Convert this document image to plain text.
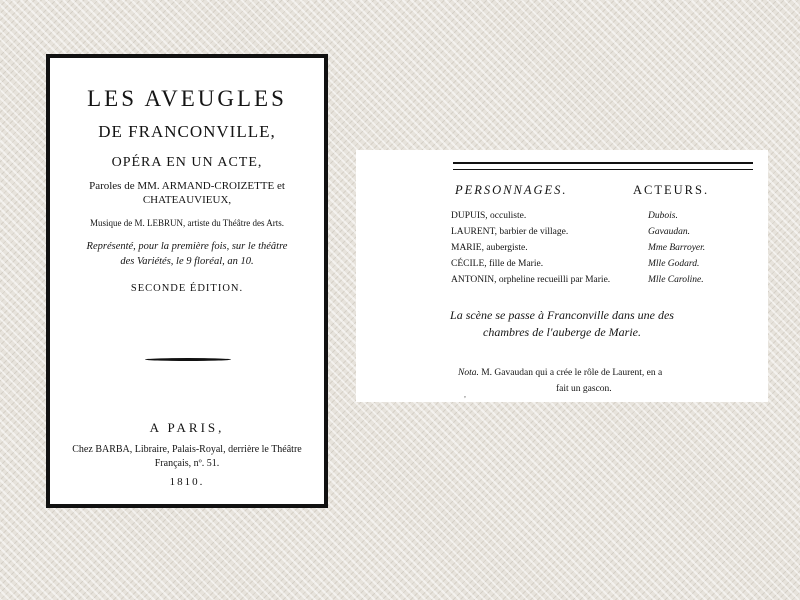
LES AVEUGLES
DE FRANCONVILLE,
OPÉRA EN UN ACTE,
Paroles de MM. ARMAND-CROIZETTE et
CHATEAUVIEUX,
Musique de M. LEBRUN, artiste du Théâtre des Arts.
Représenté, pour la première fois, sur le théâtre
des Variétés, le 9 floréal, an 10.
SECONDE ÉDITION.
A PARIS,
Chez BARBA, Libraire, Palais-Royal, derrière le Théâtre
Français, nº. 51.
1810.
PERSONNAGES.	ACTEURS.
DUPUIS, occuliste.	Dubois.
LAURENT, barbier de village.	Gavaudan.
MARIE, aubergiste.	Mme Barroyer.
CÉCILE, fille de Marie.	Mlle Godard.
ANTONIN, orpheline recueilli par Marie.	Mlle Caroline.
La scène se passe à Franconville dans une des
chambres de l'auberge de Marie.
Nota. M. Gavaudan qui a crée le rôle de Laurent, en a
fait un gascon.
,
